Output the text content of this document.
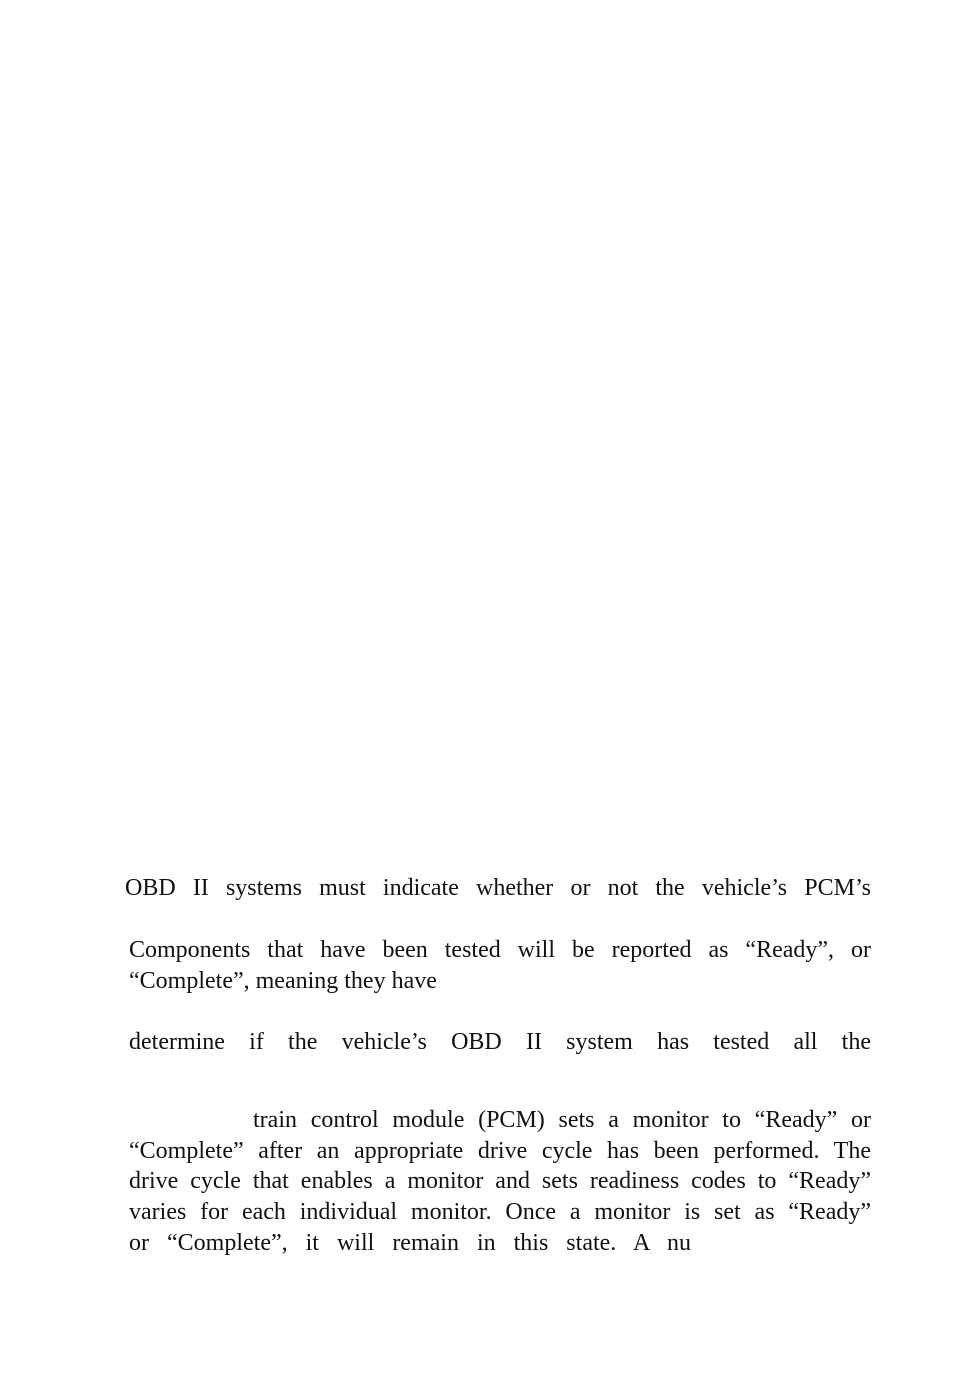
OBD II systems must indicate whether or not the vehicle’s PCM’s
Components that have been tested will be reported as “Ready”, or
“Complete”, meaning they have
determine if the vehicle’s OBD II system has tested all the
train control module (PCM) sets a monitor to “Ready” or
“Complete” after an appropriate drive cycle has been performed. The
drive cycle that enables a monitor and sets readiness codes to “Ready”
varies for each individual monitor. Once a monitor is set as “Ready”
or “Complete”, it will remain in this state. A nu
